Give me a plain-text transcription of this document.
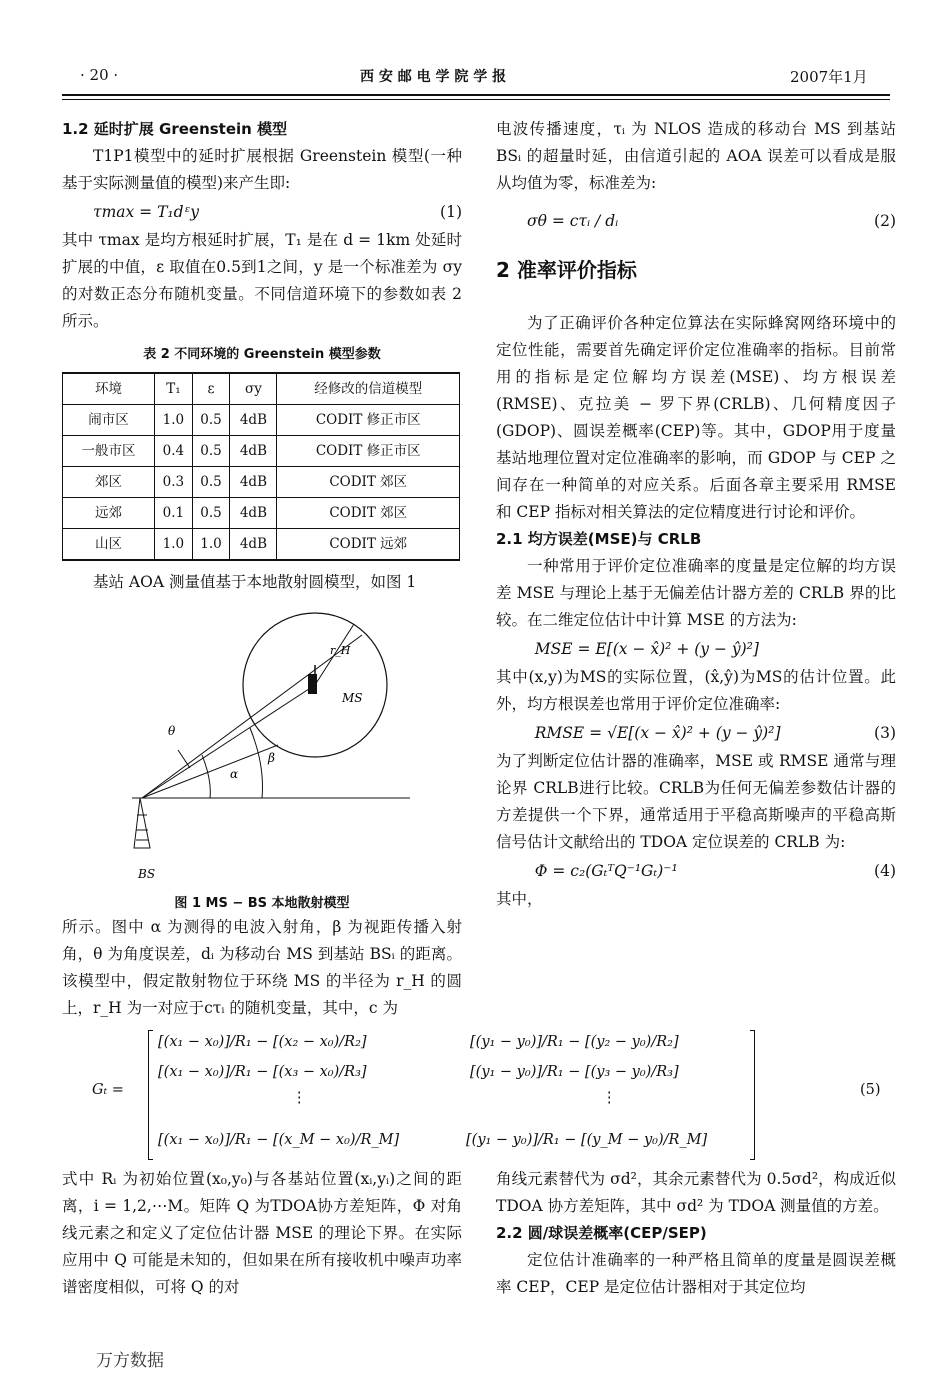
· 20 ·	西 安 邮 电 学 院 学 报	2007年1月

1.2 延时扩展 Greenstein 模型

T1P1模型中的延时扩展根据 Greenstein 模型(一种基于实际测量值的模型)来产生即:

τmax = T₁dᵋy	(1)

其中 τmax 是均方根延时扩展，T₁ 是在 d = 1km 处延时扩展的中值，ε 取值在0.5到1之间，y 是一个标准差为 σy 的对数正态分布随机变量。不同信道环境下的参数如表 2 所示。

表 2 不同环境的 Greenstein 模型参数
环境	T₁	ε	σy	经修改的信道模型
闹市区	1.0	0.5	4dB	CODIT 修正市区
一般市区	0.4	0.5	4dB	CODIT 修正市区
郊区	0.3	0.5	4dB	CODIT 郊区
远郊	0.1	0.5	4dB	CODIT 郊区
山区	1.0	1.0	4dB	CODIT 远郊

基站 AOA 测量值基于本地散射圆模型，如图 1

r_H
MS
θ
α
β
BS
图 1 MS − BS 本地散射模型

所示。图中 α 为测得的电波入射角，β 为视距传播入射角，θ 为角度误差，dᵢ 为移动台 MS 到基站 BSᵢ 的距离。该模型中，假定散射物位于环绕 MS 的半径为 r_H 的圆上，r_H 为一对应于cτᵢ 的随机变量，其中，c 为

电波传播速度，τᵢ 为 NLOS 造成的移动台 MS 到基站 BSᵢ 的超量时延，由信道引起的 AOA 误差可以看成是服从均值为零，标准差为:

σθ = cτᵢ / dᵢ	(2)

2 准率评价指标

为了正确评价各种定位算法在实际蜂窝网络环境中的定位性能，需要首先确定评价定位准确率的指标。目前常用的指标是定位解均方误差(MSE)、均方根误差(RMSE)、克拉美 − 罗下界(CRLB)、几何精度因子(GDOP)、圆误差概率(CEP)等。其中，GDOP用于度量基站地理位置对定位准确率的影响，而 GDOP 与 CEP 之间存在一种简单的对应关系。后面各章主要采用 RMSE 和 CEP 指标对相关算法的定位精度进行讨论和评价。

2.1 均方误差(MSE)与 CRLB

一种常用于评价定位准确率的度量是定位解的均方误差 MSE 与理论上基于无偏差估计器方差的 CRLB 界的比较。在二维定位估计中计算 MSE 的方法为:

MSE = E[(x − x̂)² + (y − ŷ)²]

其中(x,y)为MS的实际位置，(x̂,ŷ)为MS的估计位置。此外，均方根误差也常用于评价定位准确率:

RMSE = √E[(x − x̂)² + (y − ŷ)²]	(3)

为了判断定位估计器的准确率，MSE 或 RMSE 通常与理论界 CRLB进行比较。CRLB为任何无偏差参数估计器的方差提供一个下界，通常适用于平稳高斯噪声的平稳高斯信号估计文献给出的 TDOA 定位误差的 CRLB 为:

Φ = c₂(GₜᵀQ⁻¹Gₜ)⁻¹	(4)

其中，

Gₜ =
[(x₁ − x₀)]/R₁ − [(x₂ − x₀)/R₂]	[(y₁ − y₀)]/R₁ − [(y₂ − y₀)/R₂]
[(x₁ − x₀)]/R₁ − [(x₃ − x₀)/R₃]	[(y₁ − y₀)]/R₁ − [(y₃ − y₀)/R₃]
⋮	⋮
[(x₁ − x₀)]/R₁ − [(x_M − x₀)/R_M]	[(y₁ − y₀)]/R₁ − [(y_M − y₀)/R_M]
(5)

式中 Rᵢ 为初始位置(x₀,y₀)与各基站位置(xᵢ,yᵢ)之间的距离，i = 1,2,⋯M。矩阵 Q 为TDOA协方差矩阵，Φ 对角线元素之和定义了定位估计器 MSE 的理论下界。在实际应用中 Q 可能是未知的，但如果在所有接收机中噪声功率谱密度相似，可将 Q 的对

角线元素替代为 σd²，其余元素替代为 0.5σd²，构成近似 TDOA 协方差矩阵，其中 σd² 为 TDOA 测量值的方差。

2.2 圆/球误差概率(CEP/SEP)

定位估计准确率的一种严格且简单的度量是圆误差概率 CEP，CEP 是定位估计器相对于其定位均

万方数据
